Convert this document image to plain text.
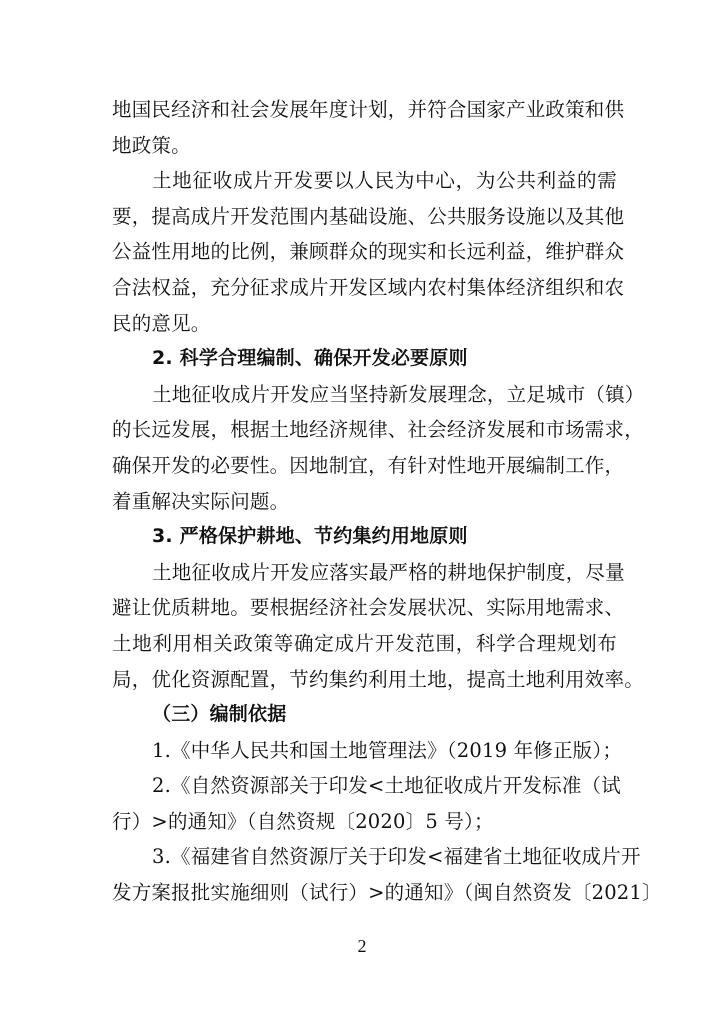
地国民经济和社会发展年度计划，并符合国家产业政策和供
地政策。
土地征收成片开发要以人民为中心，为公共利益的需
要，提高成片开发范围内基础设施、公共服务设施以及其他
公益性用地的比例，兼顾群众的现实和长远利益，维护群众
合法权益，充分征求成片开发区域内农村集体经济组织和农
民的意见。
2. 科学合理编制、确保开发必要原则
土地征收成片开发应当坚持新发展理念，立足城市（镇）
的长远发展，根据土地经济规律、社会经济发展和市场需求，
确保开发的必要性。因地制宜，有针对性地开展编制工作，
着重解决实际问题。
3. 严格保护耕地、节约集约用地原则
土地征收成片开发应落实最严格的耕地保护制度，尽量
避让优质耕地。要根据经济社会发展状况、实际用地需求、
土地利用相关政策等确定成片开发范围，科学合理规划布
局，优化资源配置，节约集约利用土地，提高土地利用效率。
（三）编制依据
1.《中华人民共和国土地管理法》（2019 年修正版）；
2.《自然资源部关于印发<土地征收成片开发标准（试
行）>的通知》（自然资规〔2020〕5 号）；
3.《福建省自然资源厅关于印发<福建省土地征收成片开
发方案报批实施细则（试行）>的通知》（闽自然资发〔2021〕
2
